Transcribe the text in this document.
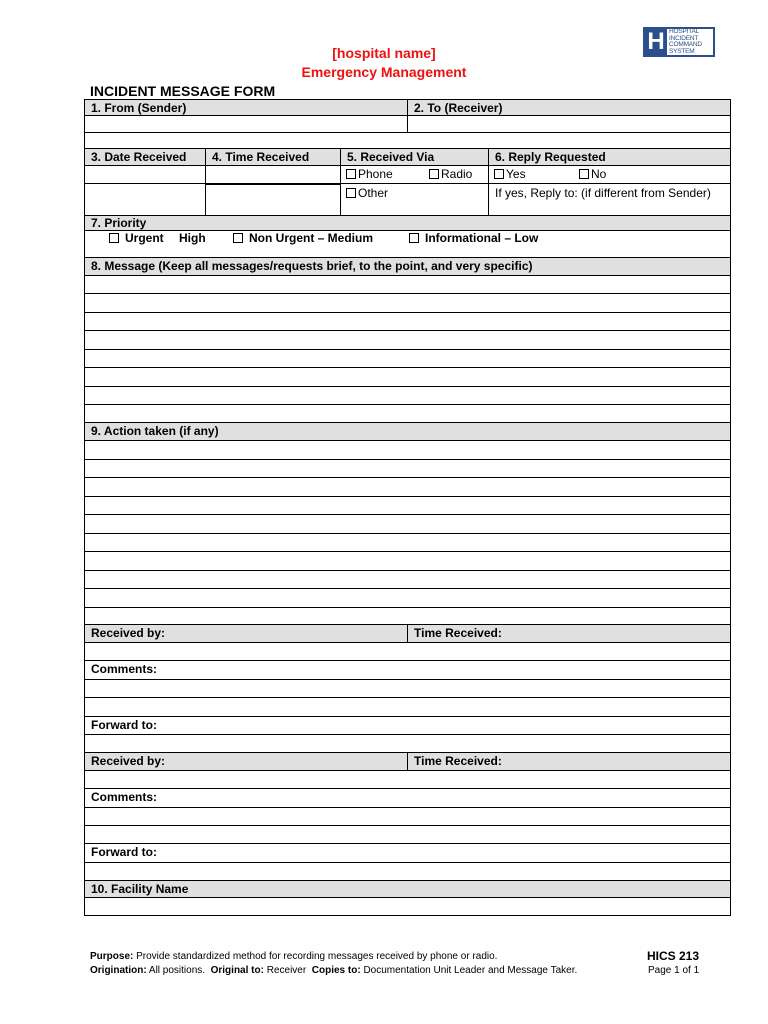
[hospital name]
Emergency Management
INCIDENT MESSAGE FORM
H HOSPITAL
INCIDENT
COMMAND
SYSTEM
1. From (Sender)	2. To (Receiver)
3. Date Received	4. Time Received	5. Received Via	6. Reply Requested
Phone	Radio	Yes	No
Other	If yes, Reply to: (if different from Sender)
7. Priority
Urgent High	Non Urgent – Medium	Informational – Low
8. Message (Keep all messages/requests brief, to the point, and very specific)
9. Action taken (if any)
Received by:	Time Received:
Comments:
Forward to:
Received by:	Time Received:
Comments:
Forward to:
10. Facility Name
Purpose: Provide standardized method for recording messages received by phone or radio.
Origination: All positions. Original to: Receiver Copies to: Documentation Unit Leader and Message Taker.
HICS 213
Page 1 of 1
